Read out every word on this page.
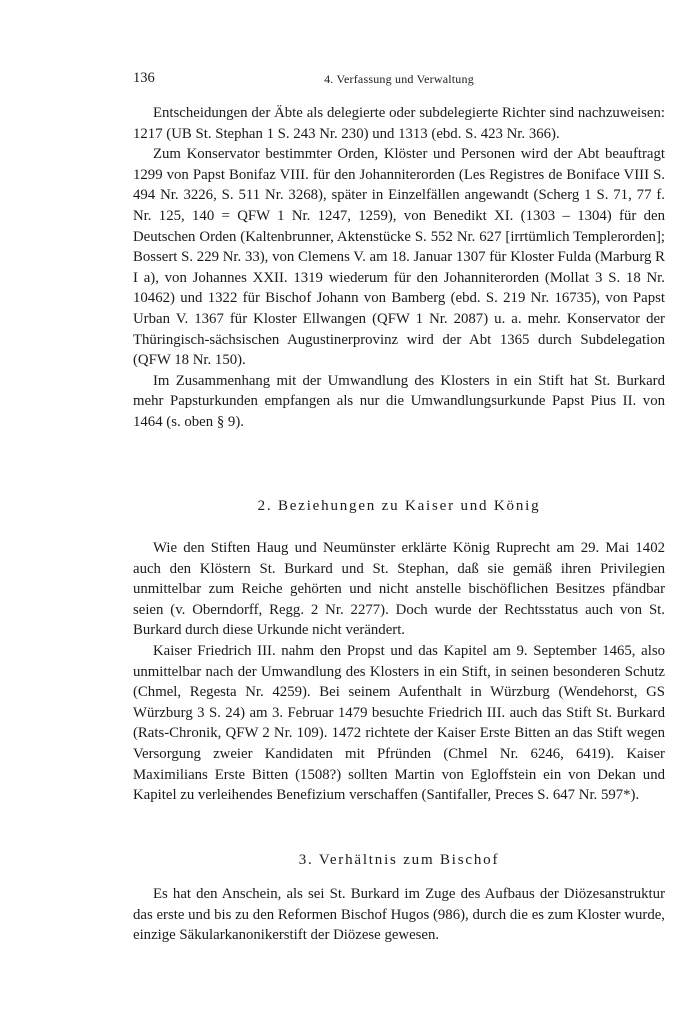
136	4. Verfassung und Verwaltung

Entscheidungen der Äbte als delegierte oder subdelegierte Richter sind nachzuweisen: 1217 (UB St. Stephan 1 S. 243 Nr. 230) und 1313 (ebd. S. 423 Nr. 366).

Zum Konservator bestimmter Orden, Klöster und Personen wird der Abt beauftragt 1299 von Papst Bonifaz VIII. für den Johanniterorden (Les Registres de Boniface VIII S. 494 Nr. 3226, S. 511 Nr. 3268), später in Einzelfällen angewandt (Scherg 1 S. 71, 77 f. Nr. 125, 140 = QFW 1 Nr. 1247, 1259), von Benedikt XI. (1303 – 1304) für den Deutschen Orden (Kaltenbrunner, Aktenstücke S. 552 Nr. 627 [irrtümlich Templerorden]; Bossert S. 229 Nr. 33), von Clemens V. am 18. Januar 1307 für Kloster Fulda (Marburg R I a), von Johannes XXII. 1319 wiederum für den Johanniterorden (Mollat 3 S. 18 Nr. 10462) und 1322 für Bischof Johann von Bamberg (ebd. S. 219 Nr. 16735), von Papst Urban V. 1367 für Kloster Ellwangen (QFW 1 Nr. 2087) u. a. mehr. Konservator der Thüringisch-sächsischen Augustinerprovinz wird der Abt 1365 durch Subdelegation (QFW 18 Nr. 150).

Im Zusammenhang mit der Umwandlung des Klosters in ein Stift hat St. Burkard mehr Papsturkunden empfangen als nur die Umwandlungsurkunde Papst Pius II. von 1464 (s. oben § 9).

2. Beziehungen zu Kaiser und König

Wie den Stiften Haug und Neumünster erklärte König Ruprecht am 29. Mai 1402 auch den Klöstern St. Burkard und St. Stephan, daß sie gemäß ihren Privilegien unmittelbar zum Reiche gehörten und nicht anstelle bischöflichen Besitzes pfändbar seien (v. Oberndorff, Regg. 2 Nr. 2277). Doch wurde der Rechtsstatus auch von St. Burkard durch diese Urkunde nicht verändert.

Kaiser Friedrich III. nahm den Propst und das Kapitel am 9. September 1465, also unmittelbar nach der Umwandlung des Klosters in ein Stift, in seinen besonderen Schutz (Chmel, Regesta Nr. 4259). Bei seinem Aufenthalt in Würzburg (Wendehorst, GS Würzburg 3 S. 24) am 3. Februar 1479 besuchte Friedrich III. auch das Stift St. Burkard (Rats-Chronik, QFW 2 Nr. 109). 1472 richtete der Kaiser Erste Bitten an das Stift wegen Versorgung zweier Kandidaten mit Pfründen (Chmel Nr. 6246, 6419). Kaiser Maximilians Erste Bitten (1508?) sollten Martin von Egloffstein ein von Dekan und Kapitel zu verleihendes Benefizium verschaffen (Santifaller, Preces S. 647 Nr. 597*).

3. Verhältnis zum Bischof

Es hat den Anschein, als sei St. Burkard im Zuge des Aufbaus der Diözesanstruktur das erste und bis zu den Reformen Bischof Hugos (986), durch die es zum Kloster wurde, einzige Säkularkanonikerstift der Diözese gewesen.
